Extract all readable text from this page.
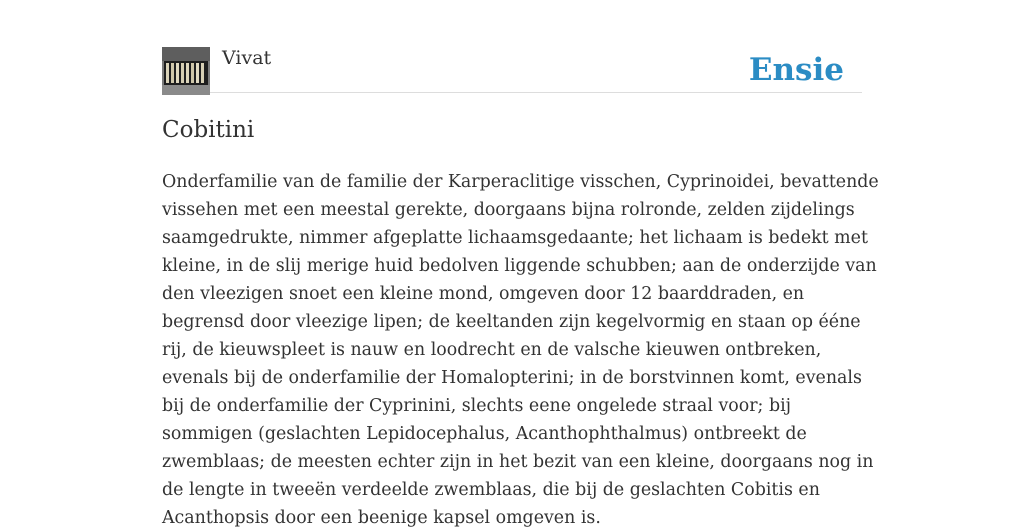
Vivat	Ensie
Cobitini
Onderfamilie van de familie der Karperaclitige visschen, Cyprinoidei, bevattende
vissehen met een meestal gerekte, doorgaans bijna rolronde, zelden zijdelings
saamgedrukte, nimmer afgeplatte lichaamsgedaante; het lichaam is bedekt met
kleine, in de slij merige huid bedolven liggende schubben; aan de onderzijde van
den vleezigen snoet een kleine mond, omgeven door 12 baarddraden, en
begrensd door vleezige lipen; de keeltanden zijn kegelvormig en staan op ééne
rij, de kieuwspleet is nauw en loodrecht en de valsche kieuwen ontbreken,
evenals bij de onderfamilie der Homalopterini; in de borstvinnen komt, evenals
bij de onderfamilie der Cyprinini, slechts eene ongelede straal voor; bij
sommigen (geslachten Lepidocephalus, Acanthophthalmus) ontbreekt de
zwemblaas; de meesten echter zijn in het bezit van een kleine, doorgaans nog in
de lengte in tweeën verdeelde zwemblaas, die bij de geslachten Cobitis en
Acanthopsis door een beenige kapsel omgeven is.
